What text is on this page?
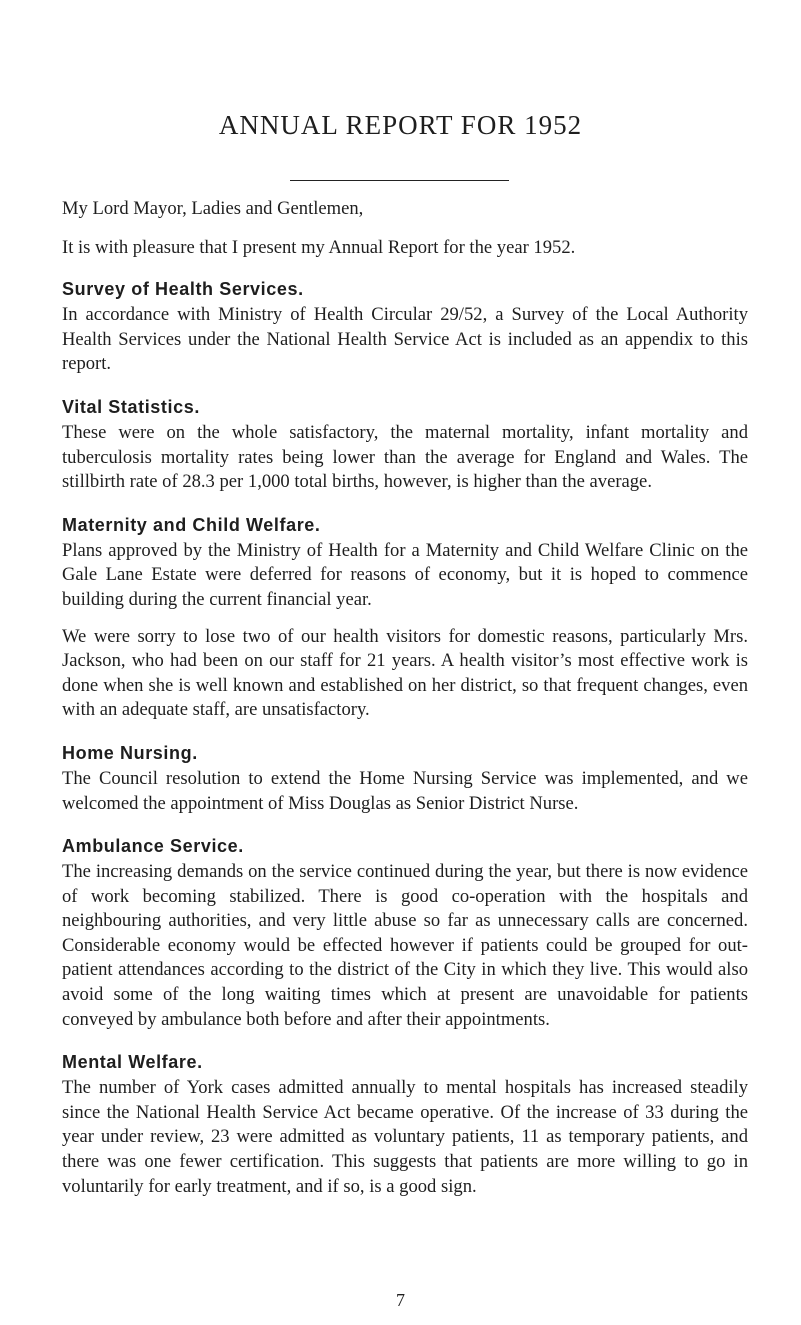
ANNUAL REPORT FOR 1952

My Lord Mayor, Ladies and Gentlemen,

It is with pleasure that I present my Annual Report for the year 1952.

Survey of Health Services.

In accordance with Ministry of Health Circular 29/52, a Survey of the Local Authority Health Services under the National Health Service Act is included as an appendix to this report.

Vital Statistics.

These were on the whole satisfactory, the maternal mortality, infant mortality and tuberculosis mortality rates being lower than the average for England and Wales. The stillbirth rate of 28.3 per 1,000 total births, however, is higher than the average.

Maternity and Child Welfare.

Plans approved by the Ministry of Health for a Maternity and Child Welfare Clinic on the Gale Lane Estate were deferred for reasons of economy, but it is hoped to commence building during the current financial year.

We were sorry to lose two of our health visitors for domestic reasons, particularly Mrs. Jackson, who had been on our staff for 21 years. A health visitor’s most effective work is done when she is well known and established on her district, so that frequent changes, even with an adequate staff, are unsatisfactory.

Home Nursing.

The Council resolution to extend the Home Nursing Service was implemented, and we welcomed the appointment of Miss Douglas as Senior District Nurse.

Ambulance Service.

The increasing demands on the service continued during the year, but there is now evidence of work becoming stabilized. There is good co-operation with the hospitals and neighbouring authorities, and very little abuse so far as unnecessary calls are concerned. Considerable economy would be effected however if patients could be grouped for out-patient attendances according to the district of the City in which they live. This would also avoid some of the long waiting times which at present are unavoidable for patients conveyed by ambulance both before and after their appointments.

Mental Welfare.

The number of York cases admitted annually to mental hospitals has increased steadily since the National Health Service Act became operative. Of the increase of 33 during the year under review, 23 were admitted as voluntary patients, 11 as temporary patients, and there was one fewer certification. This suggests that patients are more willing to go in voluntarily for early treatment, and if so, is a good sign.

7
